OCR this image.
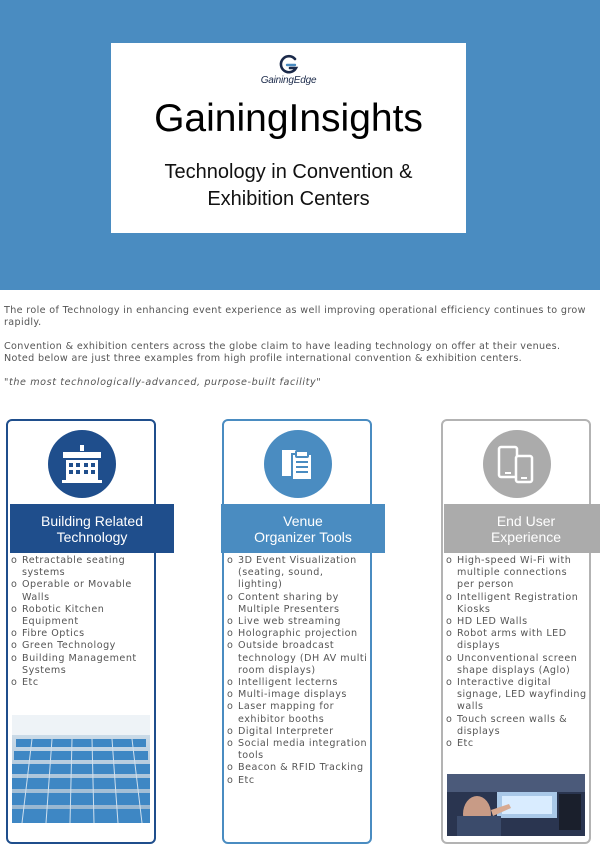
GainingEdge
GainingInsights
Technology in Convention &
Exhibition Centers

The role of Technology in enhancing event experience as well improving operational efficiency continues to grow rapidly.

Convention & exhibition centers across the globe claim to have leading technology on offer at their venues. Noted below are just three examples from high profile international convention & exhibition centers.

"the most technologically-advanced, purpose-built facility"

Building Related
Technology
o Retractable seating systems
o Operable or Movable Walls
o Robotic Kitchen Equipment
o Fibre Optics
o Green Technology
o Building Management Systems
o Etc
Venue
Organizer Tools
o 3D Event Visualization (seating, sound, lighting)
o Content sharing by Multiple Presenters
o Live web streaming
o Holographic projection
o Outside broadcast technology (DH AV multi room displays)
o Intelligent lecterns
o Multi-image displays
o Laser mapping for exhibitor booths
o Digital Interpreter
o Social media integration tools
o Beacon & RFID Tracking
o Etc
End User
Experience
o High-speed Wi-Fi with multiple connections per person
o Intelligent Registration Kiosks
o HD LED Walls
o Robot arms with LED displays
o Unconventional screen shape displays (Aglo)
o Interactive digital signage, LED wayfinding walls
o Touch screen walls & displays
o Etc
